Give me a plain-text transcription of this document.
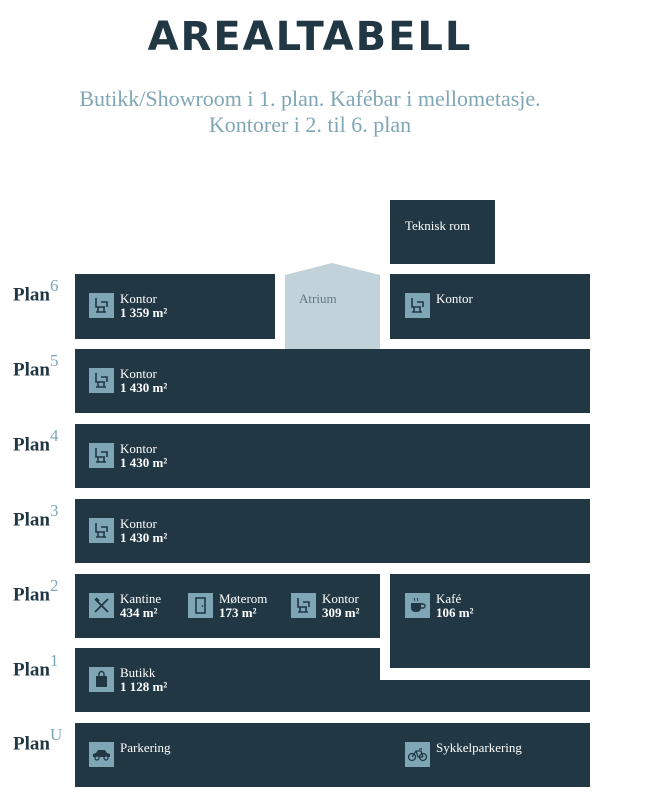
AREALTABELL
Butikk/Showroom i 1. plan. Kafébar i mellometasje.
Kontorer i 2. til 6. plan
Plan$^6$
Plan$^5$
Plan$^4$
Plan$^3$
Plan$^2$
Plan$^1$
Plan$^U$
Teknisk rom
Atrium
Kontor
1 359 m²
Kontor
Kontor
1 430 m²
Kontor
1 430 m²
Kontor
1 430 m²
Kantine
434 m²
Møterom
173 m²
Kontor
309 m²
Kafé
106 m²
Butikk
1 128 m²
Parkering	Sykkelparkering
